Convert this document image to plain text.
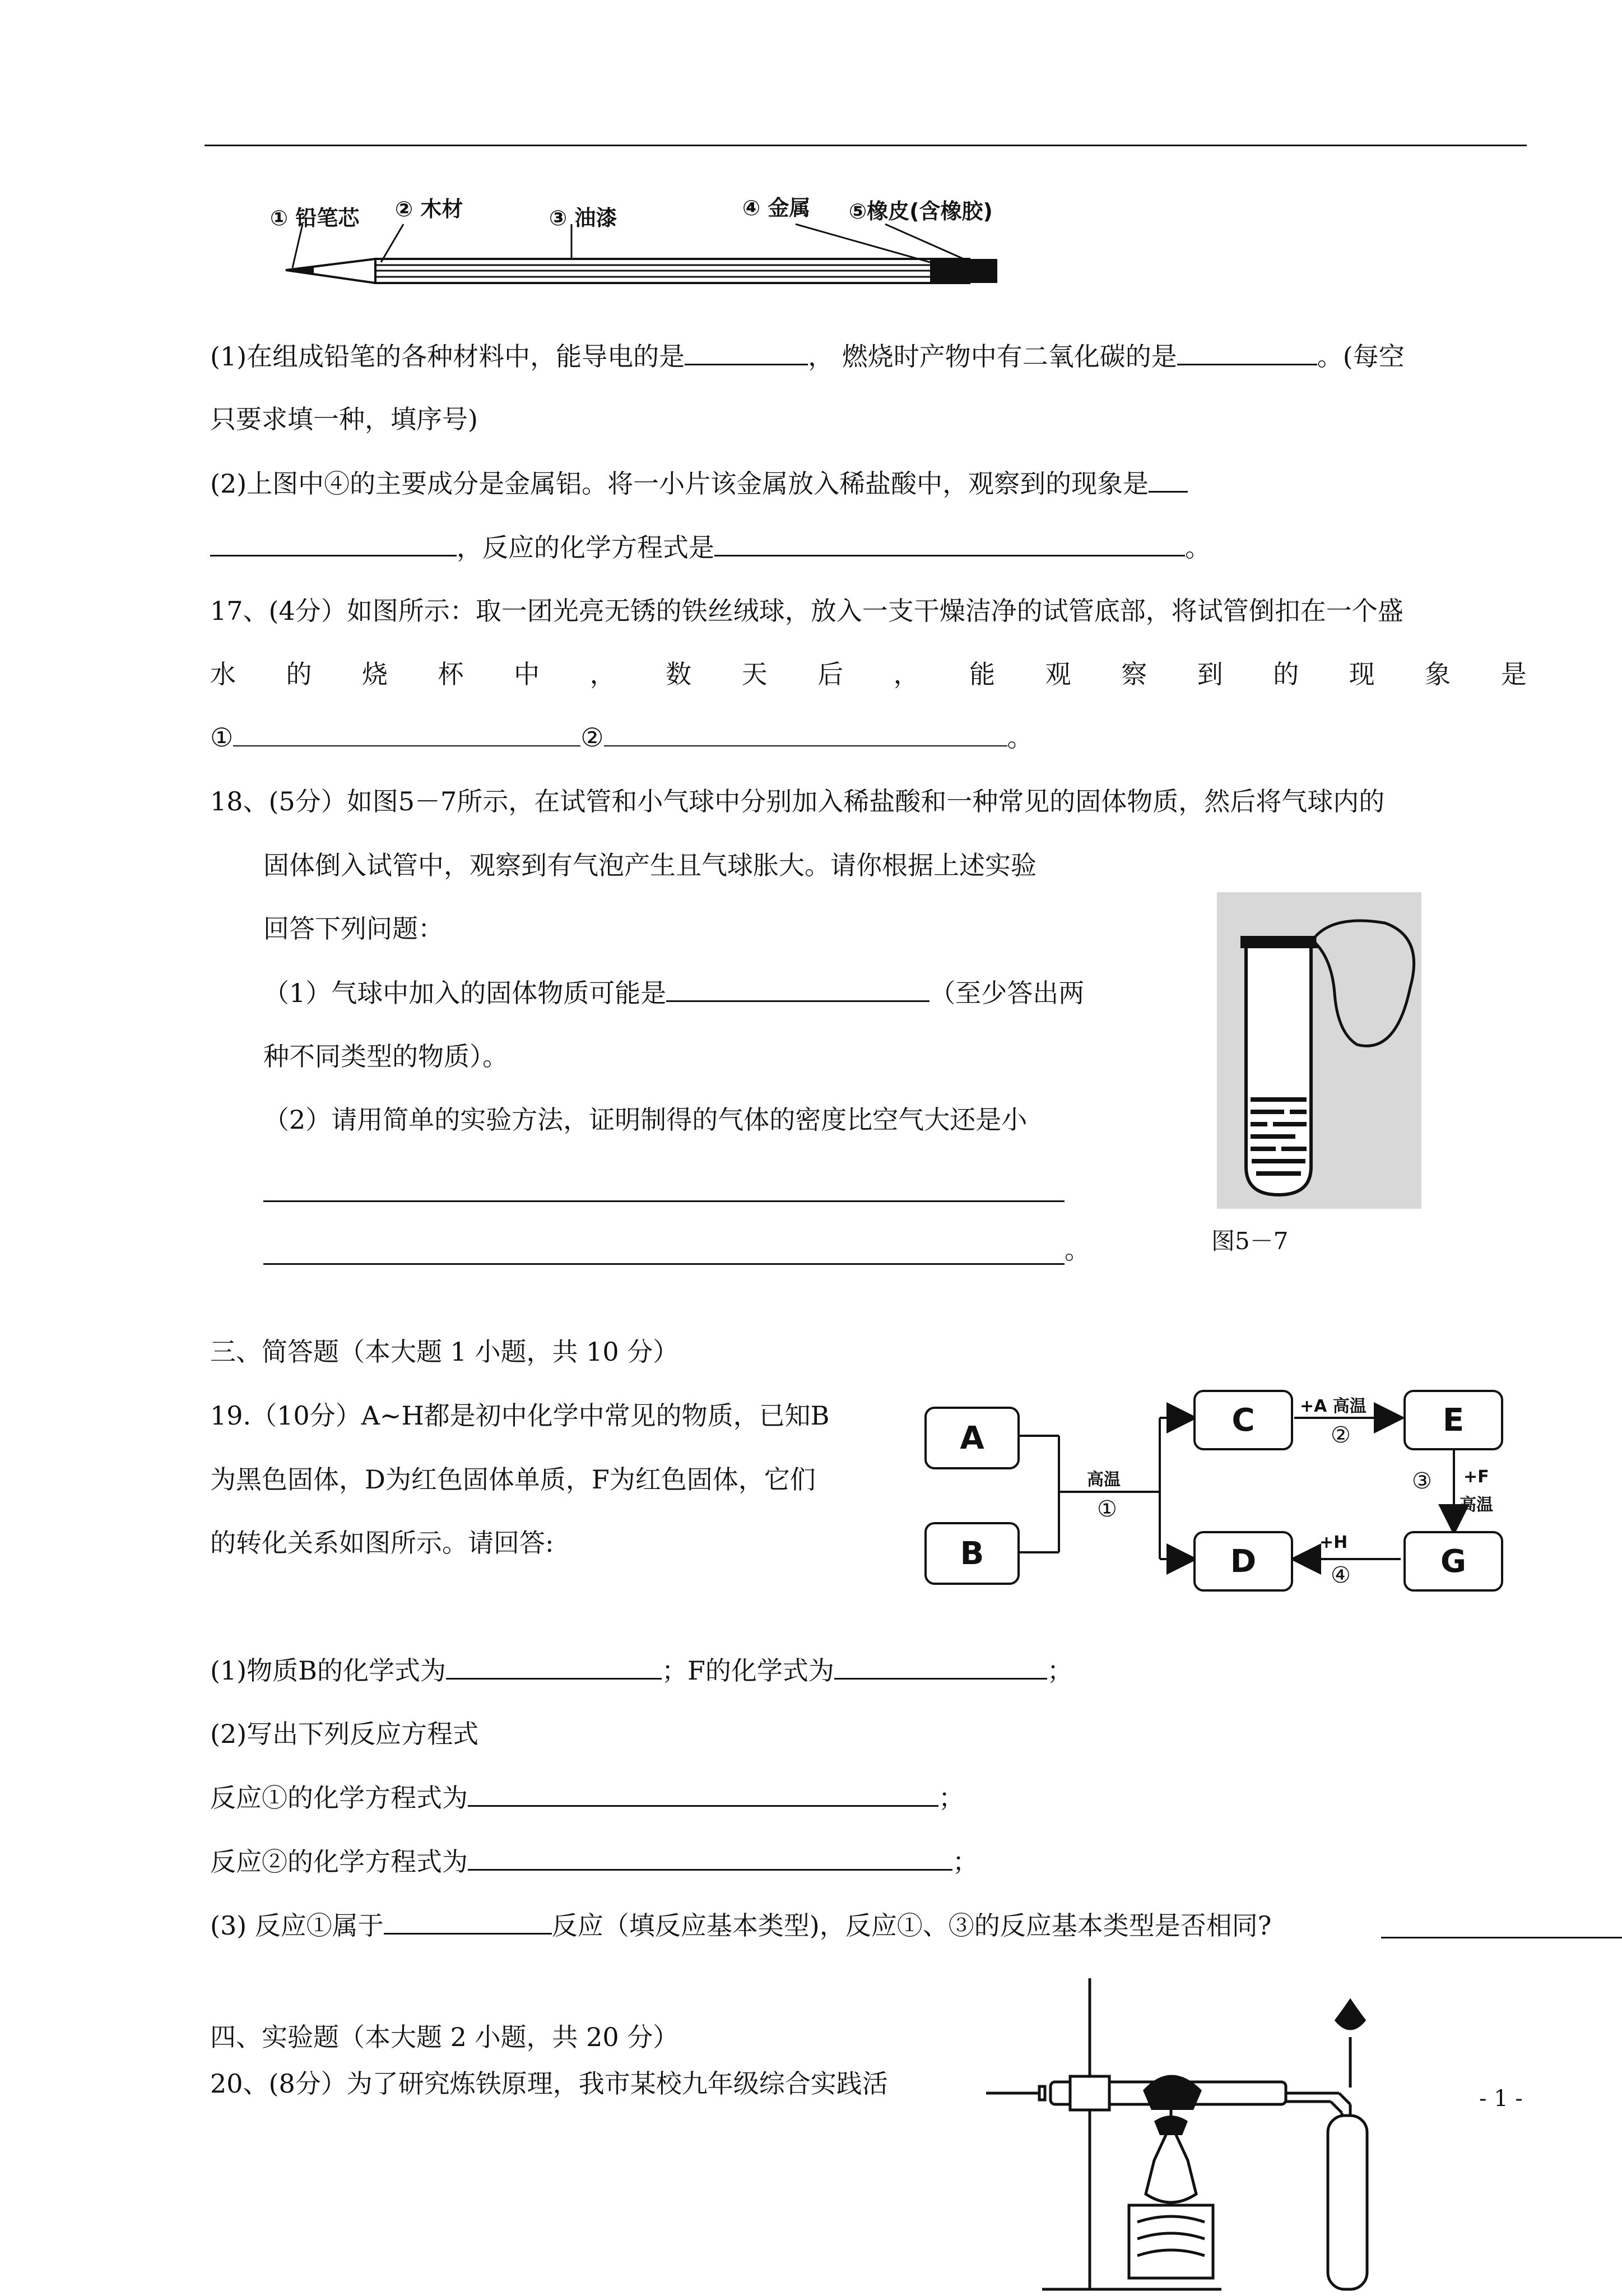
① 铅笔芯 ② 木材	③ 油漆	④ 金属 ⑤橡皮(含橡胶)
(1)在组成铅笔的各种材料中，能导电的是	， 燃烧时产物中有二氧化碳的是	。(每空
只要求填一种，填序号)
(2)上图中④的主要成分是金属铝。将一小片该金属放入稀盐酸中，观察到的现象是
，反应的化学方程式是	。
17、(4分）如图所示：取一团光亮无锈的铁丝绒球，放入一支干燥洁净的试管底部，将试管倒扣在一个盛
水 的 烧 杯 中 ， 数 天 后 ， 能 观 察 到 的 现 象 是
①	②	。
18、(5分）如图5－7所示，在试管和小气球中分别加入稀盐酸和一种常见的固体物质，然后将气球内的
固体倒入试管中，观察到有气泡产生且气球胀大。请你根据上述实验
回答下列问题：
（1）气球中加入的固体物质可能是	（至少答出两
种不同类型的物质）。
（2）请用简单的实验方法，证明制得的气体的密度比空气大还是小
。	图5－7
三、简答题（本大题 1 小题，共 10 分）
19.（10分）A~H都是初中化学中常见的物质，已知B
为黑色固体，D为红色固体单质，F为红色固体，它们
的转化关系如图所示。请回答:
A
B
C
D
E
G
高温
①
+A 高温
②
③ +F
高温
+H
④
(1)物质B的化学式为	；F的化学式为	；
(2)写出下列反应方程式
反应①的化学方程式为	；
反应②的化学方程式为	；
(3) 反应①属于	反应（填反应基本类型)，反应①、③的反应基本类型是否相同?
四、实验题（本大题 2 小题，共 20 分）
20、(8分）为了研究炼铁原理，我市某校九年级综合实践活	- 1 -
